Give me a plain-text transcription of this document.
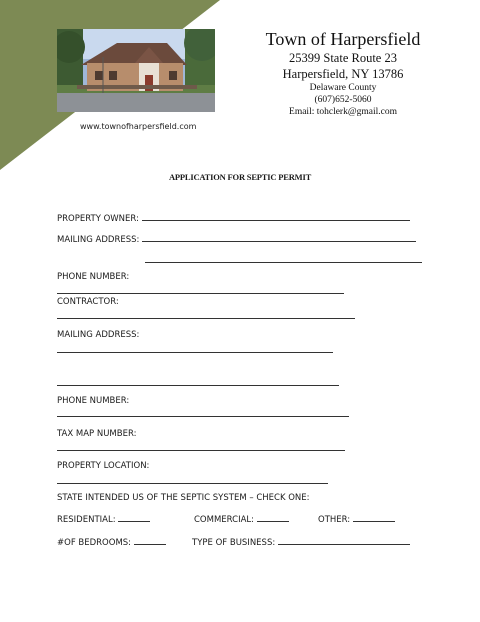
www.townofharpersfield.com
Town of Harpersfield
25399 State Route 23
Harpersfield, NY 13786
Delaware County
(607)652-5060
Email: tohclerk@gmail.com
APPLICATION FOR SEPTIC PERMIT
PROPERTY OWNER:
MAILING ADDRESS:
PHONE NUMBER:
CONTRACTOR:
MAILING ADDRESS:
PHONE NUMBER:
TAX MAP NUMBER:
PROPERTY LOCATION:
STATE INTENDED US OF THE SEPTIC SYSTEM – CHECK ONE:
RESIDENTIAL:	COMMERCIAL:	OTHER:
#OF BEDROOMS:	TYPE OF BUSINESS:
